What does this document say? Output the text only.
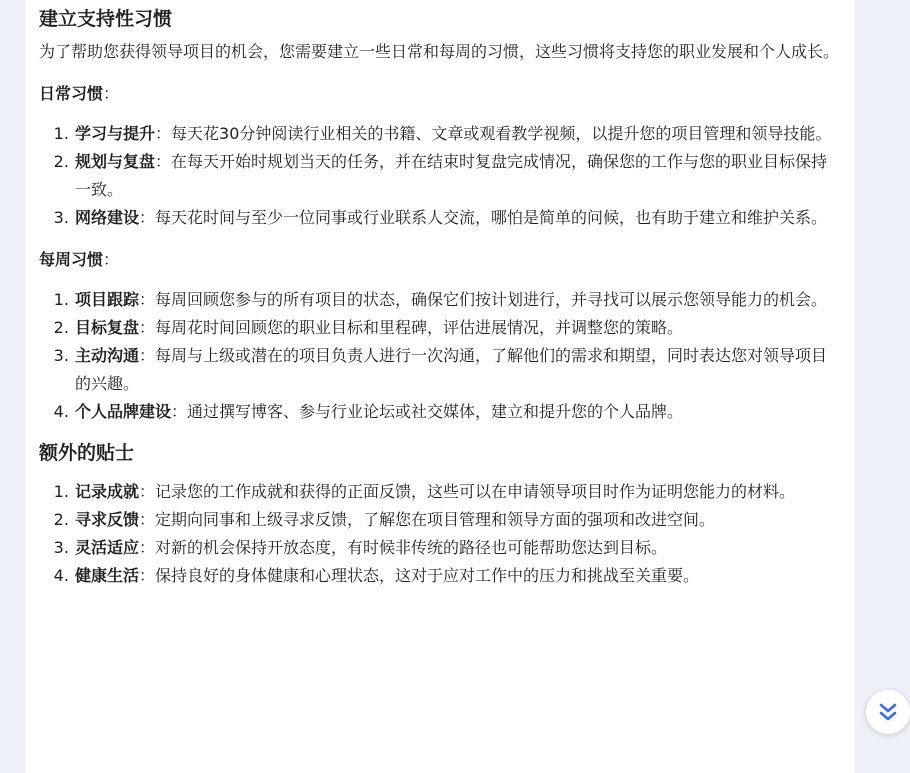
建立支持性习惯

为了帮助您获得领导项目的机会，您需要建立一些日常和每周的习惯，这些习惯将支持您的职业发展和个人成长。

日常习惯：

1. 学习与提升：每天花30分钟阅读行业相关的书籍、文章或观看教学视频，以提升您的项目管理和领导技能。
2. 规划与复盘：在每天开始时规划当天的任务，并在结束时复盘完成情况，确保您的工作与您的职业目标保持一致。
3. 网络建设：每天花时间与至少一位同事或行业联系人交流，哪怕是简单的问候，也有助于建立和维护关系。

每周习惯：

1. 项目跟踪：每周回顾您参与的所有项目的状态，确保它们按计划进行，并寻找可以展示您领导能力的机会。
2. 目标复盘：每周花时间回顾您的职业目标和里程碑，评估进展情况，并调整您的策略。
3. 主动沟通：每周与上级或潜在的项目负责人进行一次沟通，了解他们的需求和期望，同时表达您对领导项目的兴趣。
4. 个人品牌建设：通过撰写博客、参与行业论坛或社交媒体，建立和提升您的个人品牌。
额外的贴士
1. 记录成就：记录您的工作成就和获得的正面反馈，这些可以在申请领导项目时作为证明您能力的材料。
2. 寻求反馈：定期向同事和上级寻求反馈，了解您在项目管理和领导方面的强项和改进空间。
3. 灵活适应：对新的机会保持开放态度，有时候非传统的路径也可能帮助您达到目标。
4. 健康生活：保持良好的身体健康和心理状态，这对于应对工作中的压力和挑战至关重要。
